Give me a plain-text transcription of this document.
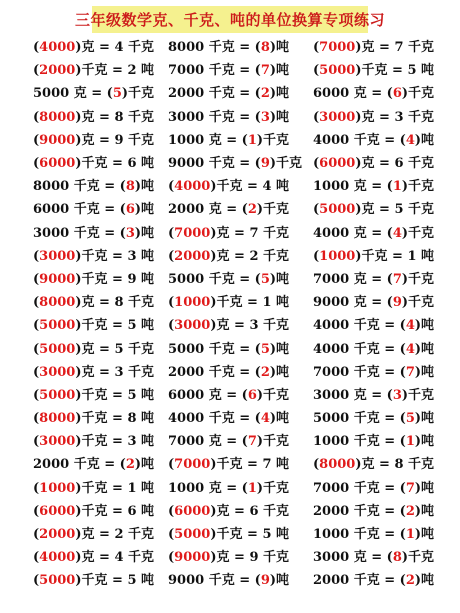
三年级数学克、千克、吨的单位换算专项练习
( 4000 )克 = 4 千克 8000 千克 = ( 8 )吨 ( 7000 )克 = 7 千克
( 2000 )千克 = 2 吨 7000 千克 = ( 7 )吨 ( 5000 )千克 = 5 吨
5000 克 = ( 5 )千克 2000 千克 = ( 2 )吨 6000 克 = ( 6 )千克
( 8000 )克 = 8 千克 3000 千克 = ( 3 )吨 ( 3000 )克 = 3 千克
( 9000 )克 = 9 千克 1000 克 = ( 1 )千克 4000 千克 = ( 4 )吨
( 6000 )千克 = 6 吨 9000 千克 = ( 9 )千克 ( 6000 )克 = 6 千克
8000 千克 = ( 8 )吨 ( 4000 )千克 = 4 吨 1000 克 = ( 1 )千克
6000 千克 = ( 6 )吨 2000 克 = ( 2 )千克 ( 5000 )克 = 5 千克
3000 千克 = ( 3 )吨 ( 7000 )克 = 7 千克 4000 克 = ( 4 )千克
( 3000 )千克 = 3 吨 ( 2000 )克 = 2 千克 ( 1000 )千克 = 1 吨
( 9000 )千克 = 9 吨 5000 千克 = ( 5 )吨 7000 克 = ( 7 )千克
( 8000 )克 = 8 千克 ( 1000 )千克 = 1 吨 9000 克 = ( 9 )千克
( 5000 )千克 = 5 吨 ( 3000 )克 = 3 千克 4000 千克 = ( 4 )吨
( 5000 )克 = 5 千克 5000 千克 = ( 5 )吨 4000 千克 = ( 4 )吨
( 3000 )克 = 3 千克 2000 千克 = ( 2 )吨 7000 千克 = ( 7 )吨
( 5000 )千克 = 5 吨 6000 克 = ( 6 )千克 3000 克 = ( 3 )千克
( 8000 )千克 = 8 吨 4000 千克 = ( 4 )吨 5000 千克 = ( 5 )吨
( 3000 )千克 = 3 吨 7000 克 = ( 7 )千克 1000 千克 = ( 1 )吨
2000 千克 = ( 2 )吨 ( 7000 )千克 = 7 吨 ( 8000 )克 = 8 千克
( 1000 )千克 = 1 吨 1000 克 = ( 1 )千克 7000 千克 = ( 7 )吨
( 6000 )千克 = 6 吨 ( 6000 )克 = 6 千克 2000 千克 = ( 2 )吨
( 2000 )克 = 2 千克 ( 5000 )千克 = 5 吨 1000 千克 = ( 1 )吨
( 4000 )克 = 4 千克 ( 9000 )克 = 9 千克 3000 克 = ( 8 )千克
( 5000 )千克 = 5 吨 9000 千克 = ( 9 )吨 2000 千克 = ( 2 )吨
